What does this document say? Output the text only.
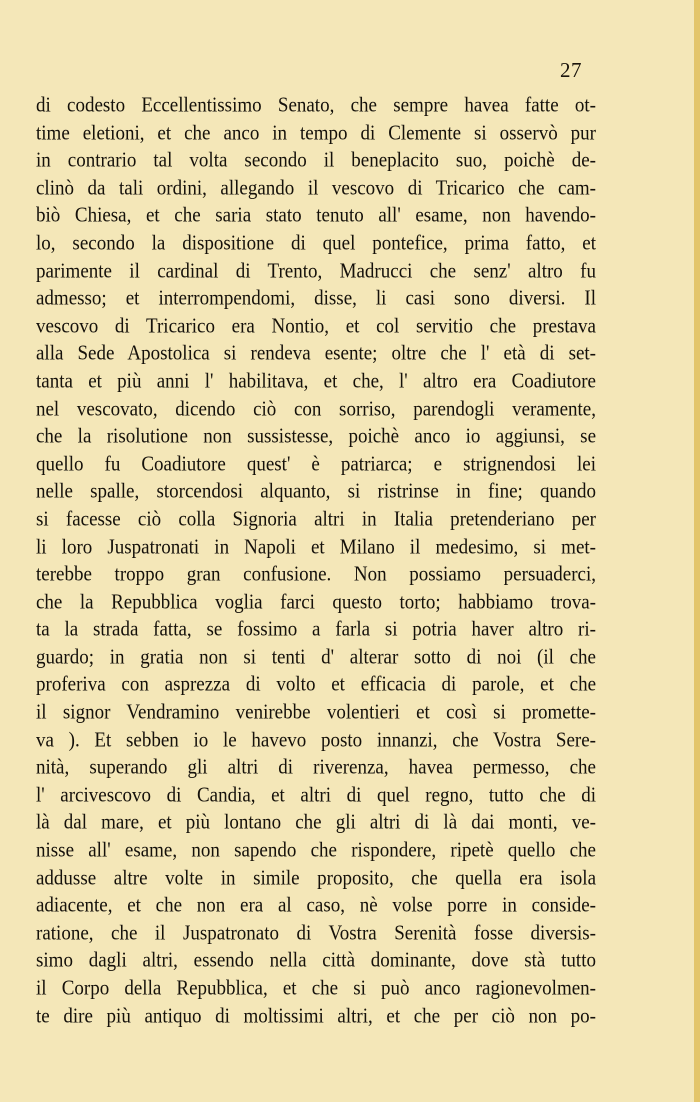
27
di codesto Eccellentissimo Senato, che sempre havea fatte ot-
time eletioni, et che anco in tempo di Clemente si osservò pur
in contrario tal volta secondo il beneplacito suo, poichè de-
clinò da tali ordini, allegando il vescovo di Tricarico che cam-
biò Chiesa, et che saria stato tenuto all' esame, non havendo-
lo, secondo la dispositione di quel pontefice, prima fatto, et
parimente il cardinal di Trento, Madrucci che senz' altro fu
admesso; et interrompendomi, disse, li casi sono diversi. Il
vescovo di Tricarico era Nontio, et col servitio che prestava
alla Sede Apostolica si rendeva esente; oltre che l' età di set-
tanta et più anni l' habilitava, et che, l' altro era Coadiutore
nel vescovato, dicendo ciò con sorriso, parendogli veramente,
che la risolutione non sussistesse, poichè anco io aggiunsi, se
quello fu Coadiutore quest' è patriarca; e strignendosi lei
nelle spalle, storcendosi alquanto, si ristrinse in fine; quando
si facesse ciò colla Signoria altri in Italia pretenderiano per
li loro Juspatronati in Napoli et Milano il medesimo, si met-
terebbe troppo gran confusione. Non possiamo persuaderci,
che la Repubblica voglia farci questo torto; habbiamo trova-
ta la strada fatta, se fossimo a farla si potria haver altro ri-
guardo; in gratia non si tenti d' alterar sotto di noi (il che
proferiva con asprezza di volto et efficacia di parole, et che
il signor Vendramino venirebbe volentieri et così si promette-
va ). Et sebben io le havevo posto innanzi, che Vostra Sere-
nità, superando gli altri di riverenza, havea permesso, che
l' arcivescovo di Candia, et altri di quel regno, tutto che di
là dal mare, et più lontano che gli altri di là dai monti, ve-
nisse all' esame, non sapendo che rispondere, ripetè quello che
addusse altre volte in simile proposito, che quella era isola
adiacente, et che non era al caso, nè volse porre in conside-
ratione, che il Juspatronato di Vostra Serenità fosse diversis-
simo dagli altri, essendo nella città dominante, dove stà tutto
il Corpo della Repubblica, et che si può anco ragionevolmen-
te dire più antiquo di moltissimi altri, et che per ciò non po-
